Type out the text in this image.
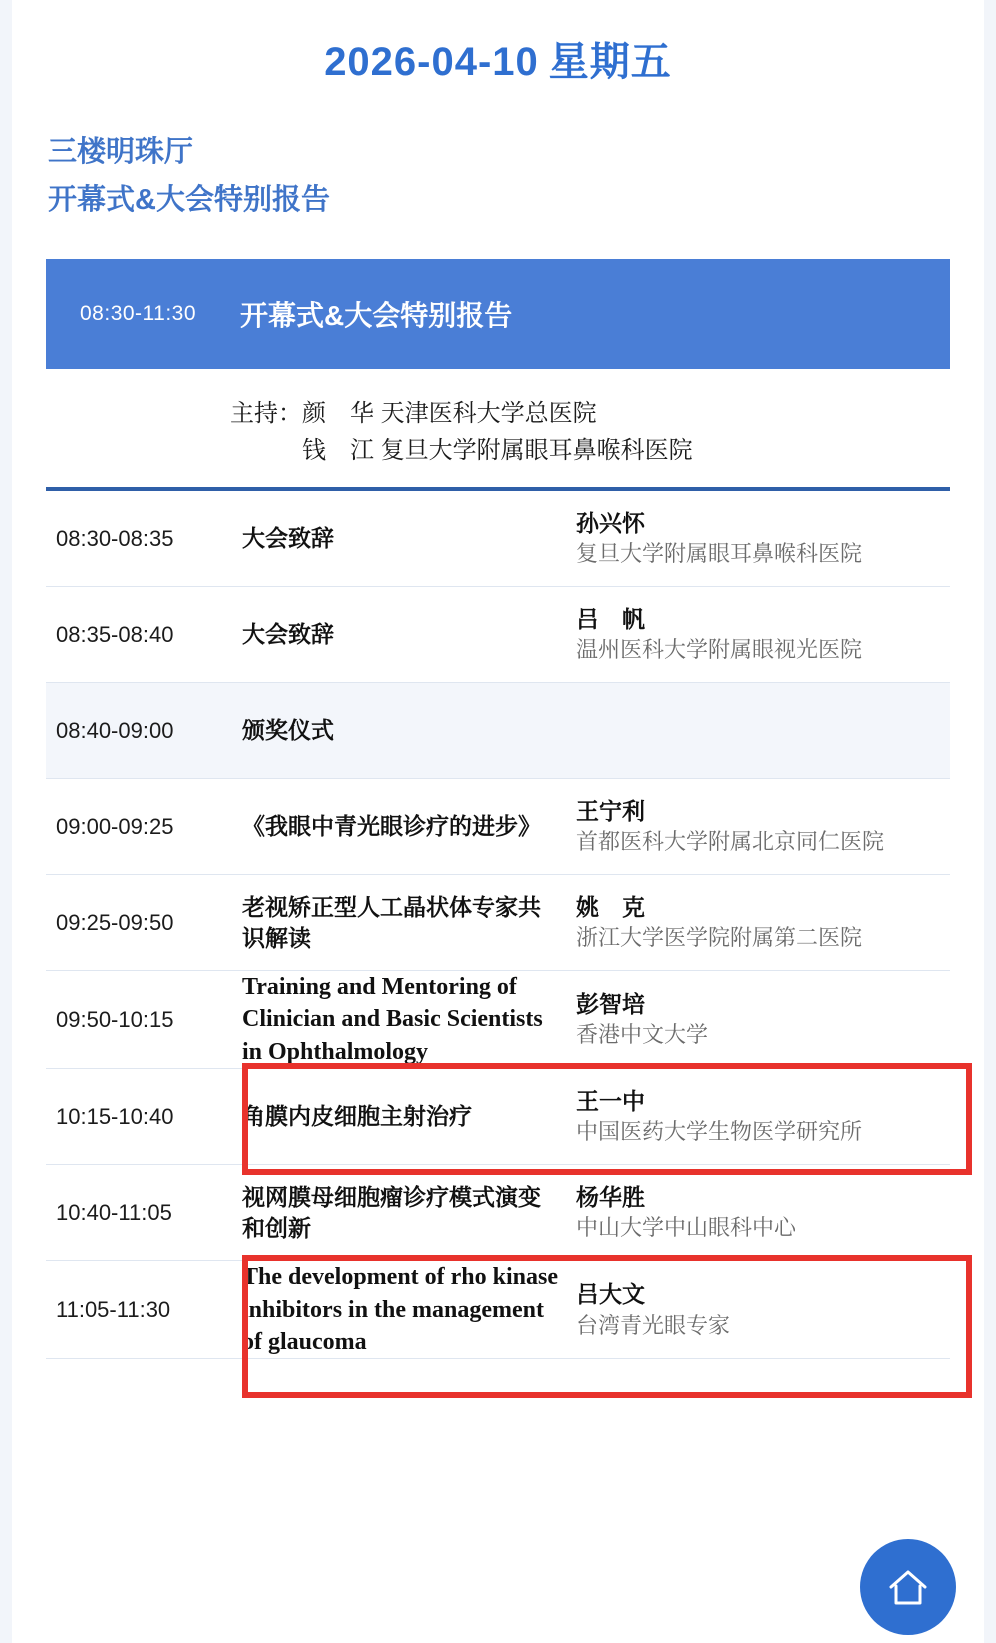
2026-04-10 星期五
三楼明珠厅
开幕式&大会特别报告
08:30-11:30	开幕式&大会特别报告
主持：颜　华 天津医科大学总医院
　　　钱　江 复旦大学附属眼耳鼻喉科医院
08:30-08:35	大会致辞
孙兴怀
复旦大学附属眼耳鼻喉科医院
08:35-08:40	大会致辞
吕　帆
温州医科大学附属眼视光医院
08:40-09:00	颁奖仪式
09:00-09:25	《我眼中青光眼诊疗的进步》
王宁利
首都医科大学附属北京同仁医院
09:25-09:50
老视矫正型人工晶状体专家共识解读
姚　克
浙江大学医学院附属第二医院
09:50-10:15
Training and Mentoring of Clinician and Basic Scientists in Ophthalmology
彭智培
香港中文大学
10:15-10:40	角膜内皮细胞主射治疗
王一中
中国医药大学生物医学研究所
10:40-11:05
视网膜母细胞瘤诊疗模式演变和创新
杨华胜
中山大学中山眼科中心
11:05-11:30
The development of rho kinase inhibitors in the management of glaucoma
吕大文
台湾青光眼专家
